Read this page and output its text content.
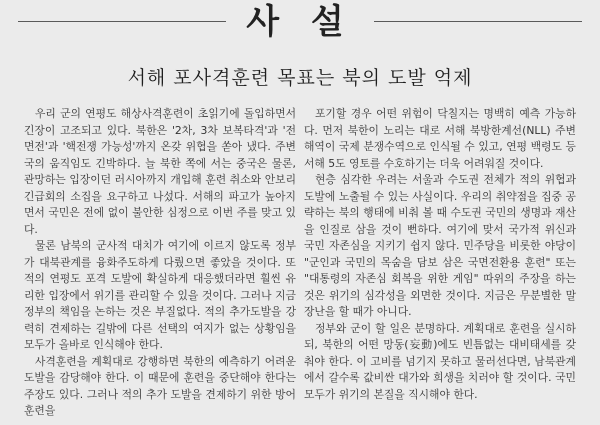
사 설
서해 포사격훈련 목표는 북의 도발 억제

우리 군의 연평도 해상사격훈련이 초읽기에 돌입하면서 긴장이 고조되고 있다. 북한은 '2차, 3차 보복타격'과 '전면전'과 '핵전쟁 가능성'까지 온갖 위협을 쏟아 냈다. 주변국의 움직임도 긴박하다. 늘 북한 쪽에 서는 중국은 물론, 관망하는 입장이던 러시아까지 개입해 훈련 취소와 안보리 긴급회의 소집을 요구하고 나섰다. 서해의 파고가 높아지면서 국민은 전에 없이 불안한 심정으로 이번 주를 맞고 있다.

물론 남북의 군사적 대치가 여기에 이르지 않도록 정부가 대북관계를 융화주도하게 다뤘으면 좋았을 것이다. 또 적의 연평도 포격 도발에 확실하게 대응했더라면 훨씬 유리한 입장에서 위기를 관리할 수 있을 것이다. 그러나 지금 정부의 책임을 논하는 것은 부질없다. 적의 추가도발을 강력히 견제하는 길밖에 다른 선택의 여지가 없는 상황임을 모두가 올바로 인식해야 한다.

사격훈련을 계획대로 강행하면 북한의 예측하기 어려운 도발을 감당해야 한다. 이 때문에 훈련을 중단해야 한다는 주장도 있다. 그러나 적의 추가 도발을 견제하기 위한 방어훈련을

포기할 경우 어떤 위험이 닥칠지는 명백히 예측 가능하다. 먼저 북한이 노리는 대로 서해 북방한계선(NLL) 주변 해역이 국제 분쟁수역으로 인식될 수 있고, 연평 백령도 등 서해 5도 영토를 수호하기는 더욱 어려워질 것이다.

현층 심각한 우려는 서울과 수도권 전체가 적의 위협과 도발에 노출될 수 있는 사실이다. 우리의 취약점을 집중 공략하는 북의 행태에 비춰 볼 때 수도권 국민의 생명과 재산을 인질로 삼을 것이 뻔하다. 여기에 맞서 국가적 위신과 국민 자존심을 지키기 쉽지 않다. 민주당을 비롯한 야당이 "군인과 국민의 목숨을 담보 삼은 국면전환용 훈련" 또는 "대통령의 자존심 회복을 위한 게임" 따위의 주장을 하는 것은 위기의 심각성을 외면한 것이다. 지금은 무분별한 말장난을 할 때가 아니다.

정부와 군이 할 일은 분명하다. 계획대로 훈련을 실시하되, 북한의 어떤 망동(妄動)에도 빈틈없는 대비태세를 갖춰야 한다. 이 고비를 넘기지 못하고 물러선다면, 남북관계에서 갈수록 값비싼 대가와 희생을 치러야 할 것이다. 국민 모두가 위기의 본질을 직시해야 한다.
